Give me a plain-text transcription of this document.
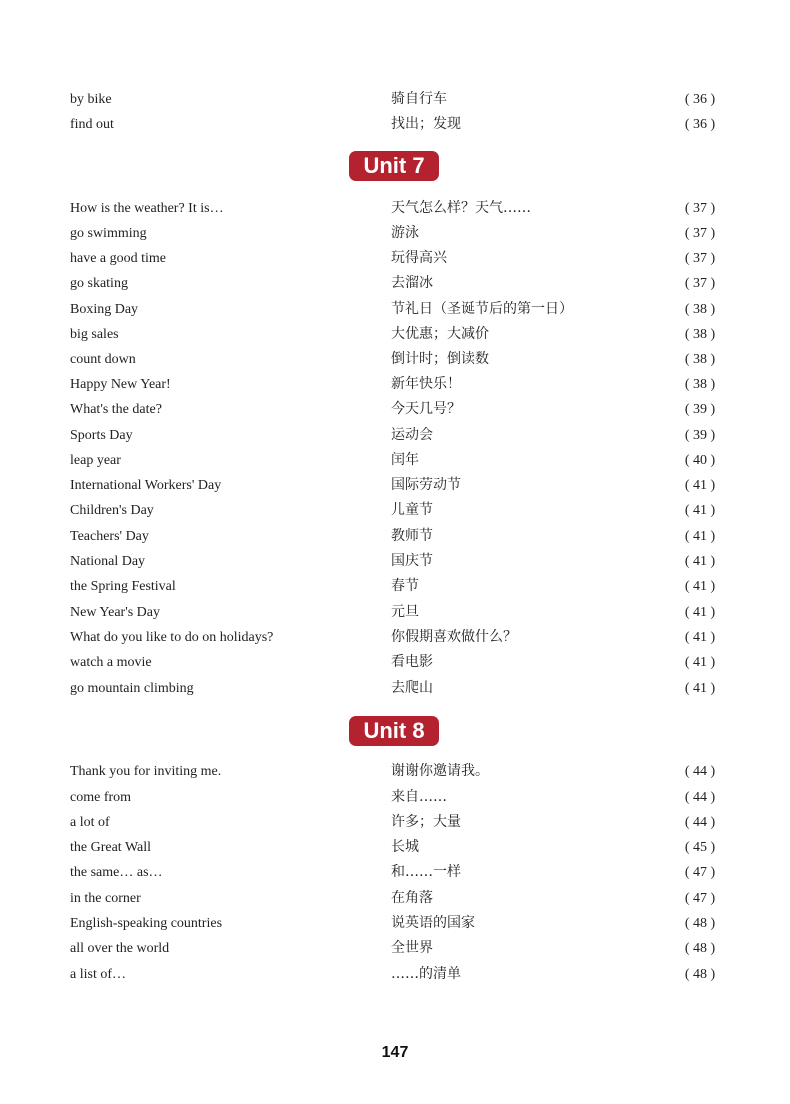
by bike	骑自行车	( 36 )
find out	找出；发现	( 36 )
Unit 7
How is the weather? It is…	天气怎么样？天气……	( 37 )
go swimming	游泳	( 37 )
have a good time	玩得高兴	( 37 )
go skating	去溜冰	( 37 )
Boxing Day	节礼日（圣诞节后的第一日）	( 38 )
big sales	大优惠；大减价	( 38 )
count down	倒计时；倒读数	( 38 )
Happy New Year!	新年快乐！	( 38 )
What's the date?	今天几号？	( 39 )
Sports Day	运动会	( 39 )
leap year	闰年	( 40 )
International Workers' Day	国际劳动节	( 41 )
Children's Day	儿童节	( 41 )
Teachers' Day	教师节	( 41 )
National Day	国庆节	( 41 )
the Spring Festival	春节	( 41 )
New Year's Day	元旦	( 41 )
What do you like to do on holidays?	你假期喜欢做什么？	( 41 )
watch a movie	看电影	( 41 )
go mountain climbing	去爬山	( 41 )
Unit 8
Thank you for inviting me.	谢谢你邀请我。	( 44 )
come from	来自……	( 44 )
a lot of	许多；大量	( 44 )
the Great Wall	长城	( 45 )
the same… as…	和……一样	( 47 )
in the corner	在角落	( 47 )
English-speaking countries	说英语的国家	( 48 )
all over the world	全世界	( 48 )
a list of…	……的清单	( 48 )
147
